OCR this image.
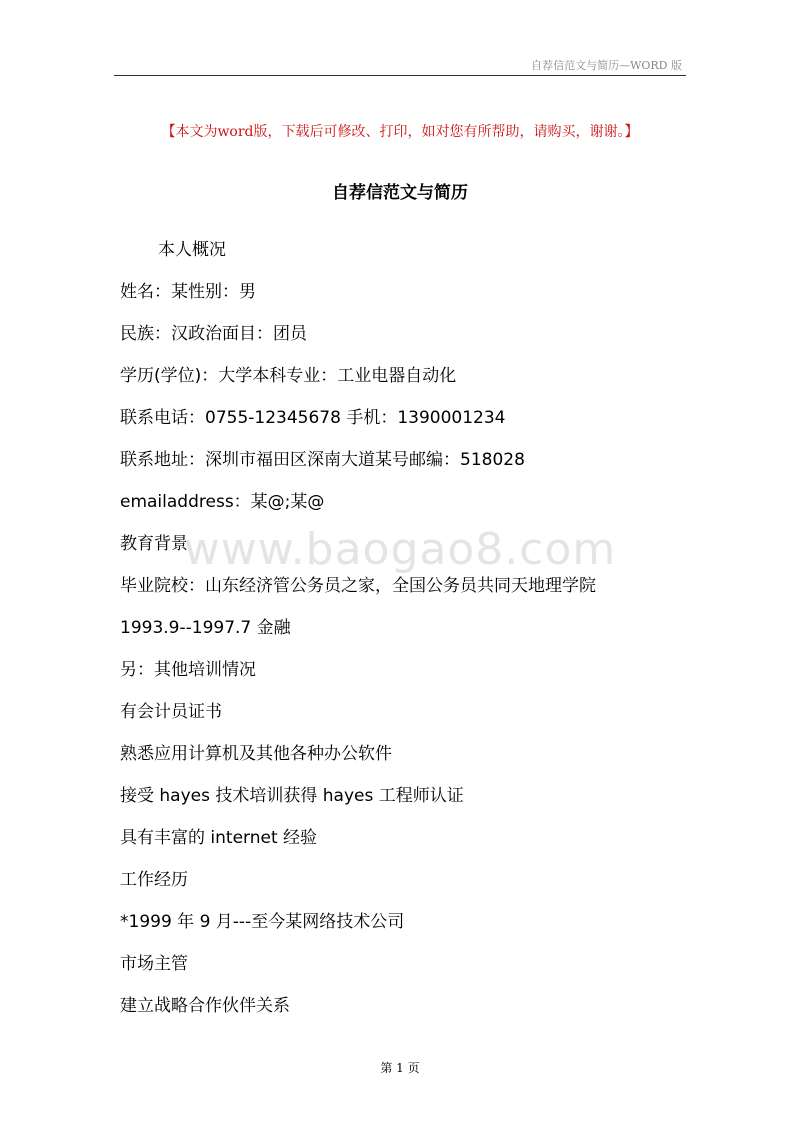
自荐信范文与简历—WORD 版
【本文为word版，下载后可修改、打印，如对您有所帮助，请购买，谢谢。】
自荐信范文与简历
本人概况
姓名：某性别：男
民族：汉政治面目：团员
学历(学位)：大学本科专业：工业电器自动化
联系电话：0755-12345678 手机：1390001234
联系地址：深圳市福田区深南大道某号邮编：518028
emailaddress：某@;某@
教育背景
毕业院校：山东经济管公务员之家，全国公务员共同天地理学院
1993.9--1997.7 金融
另：其他培训情况
有会计员证书
熟悉应用计算机及其他各种办公软件
接受 hayes 技术培训获得 hayes 工程师认证
具有丰富的 internet 经验
工作经历
*1999 年 9 月---至今某网络技术公司
市场主管
建立战略合作伙伴关系
www.baogao8.com
第 1 页
